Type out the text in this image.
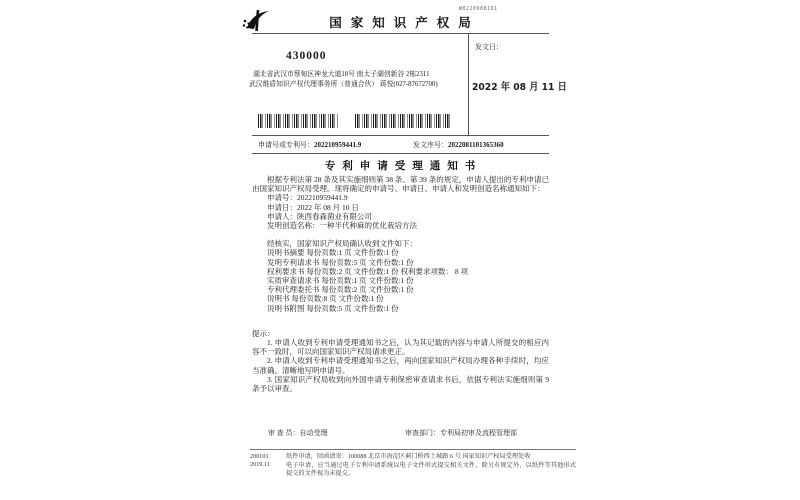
W0220908101
国家知识产权局
430000
湖北省武汉市蔡甸区神龙大道18号 南太子湖创新谷 2栋2311
武汉维盾知识产权代理事务所（普通合伙） 蒋悦(027-87672700)
发文日：
2022 年 08 月 11 日
申请号或专利号：202210959441.9	发文序号：2022081101365360
专利申请受理通知书

根据专利法第 28 条及其实施细则第 38 条、第 39 条的规定，申请人提出的专利申请已由国家知识产权局受理。现将确定的申请号、申请日、申请人和发明创造名称通知如下：

申请号：202210959441.9

申请日：2022 年 08 月 10 日

申请人：陕西春森菌业有限公司

发明创造名称：一种半代种麻的优化栽培方法

经核实，国家知识产权局确认收到文件如下：

说明书摘要 每份页数:1 页 文件份数:1 份

发明专利请求书 每份页数:5 页 文件份数:1 份

权利要求书 每份页数:2 页 文件份数:1 份 权利要求项数： 8 项

实质审查请求书 每份页数:1 页 文件份数:1 份

专利代理委托书 每份页数:2 页 文件份数:1 份

说明书 每份页数:8 页 文件份数:1 份

说明书附图 每份页数:5 页 文件份数:1 份

提示：

1. 申请人收到专利申请受理通知书之后，认为其记载的内容与申请人所提交的相应内容不一致时，可以向国家知识产权局请求更正。

2. 申请人收到专利申请受理通知书之后，再向国家知识产权局办理各种手续时，均应当准确、清晰地写明申请号。

3. 国家知识产权局收到向外国申请专利保密审查请求书后，依据专利法实施细则第 9 条予以审查。

审 查 员：自动受理	审查部门：专利局初审及流程管理部
200101
2019.11

纸件申请，回函请寄：100088 北京市海淀区蓟门桥西土城路 6 号 国家知识产权局受理处收

电子申请，应当通过电子专利申请系统以电子文件形式提交相关文件，除另有规定外，以纸件等其他形式提交的文件视为未提交。
